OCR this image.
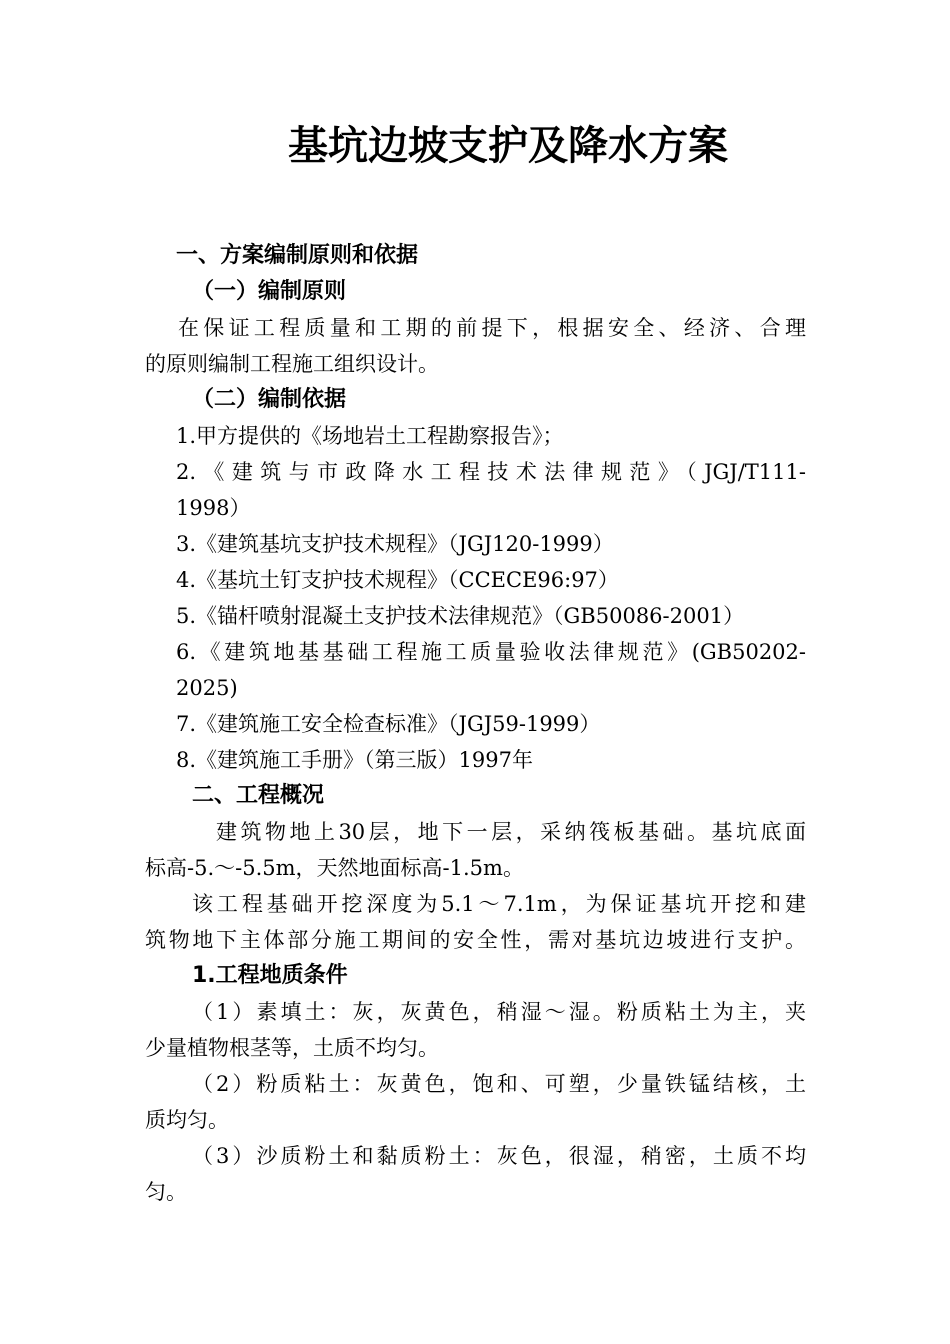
基坑边坡支护及降水方案
一、方案编制原则和依据
（一）编制原则
在保证工程质量和工期的前提下，根据安全、经济、合理
的原则编制工程施工组织设计。
（二）编制依据
1.甲方提供的《场地岩土工程勘察报告》；
2.《建筑与市政降水工程技术法律规范》（JGJ/T111-
1998）
3.《建筑基坑支护技术规程》（JGJ120-1999）
4.《基坑土钉支护技术规程》（CCECE96:97）
5.《锚杆喷射混凝土支护技术法律规范》（GB50086-2001）
6.《建筑地基基础工程施工质量验收法律规范》(GB50202-
2025)
7.《建筑施工安全检查标准》（JGJ59-1999）
8.《建筑施工手册》（第三版）1997年
二、工程概况
建筑物地上30层，地下一层，采纳筏板基础。基坑底面
标高-5.～-5.5m，天然地面标高-1.5m。
该工程基础开挖深度为5.1～7.1m，为保证基坑开挖和建
筑物地下主体部分施工期间的安全性，需对基坑边坡进行支护。
1.工程地质条件
（1）素填土：灰，灰黄色，稍湿～湿。粉质粘土为主，夹
少量植物根茎等，土质不均匀。
（2）粉质粘土：灰黄色，饱和、可塑，少量铁锰结核，土
质均匀。
（3）沙质粉土和黏质粉土：灰色，很湿，稍密，土质不均
匀。
